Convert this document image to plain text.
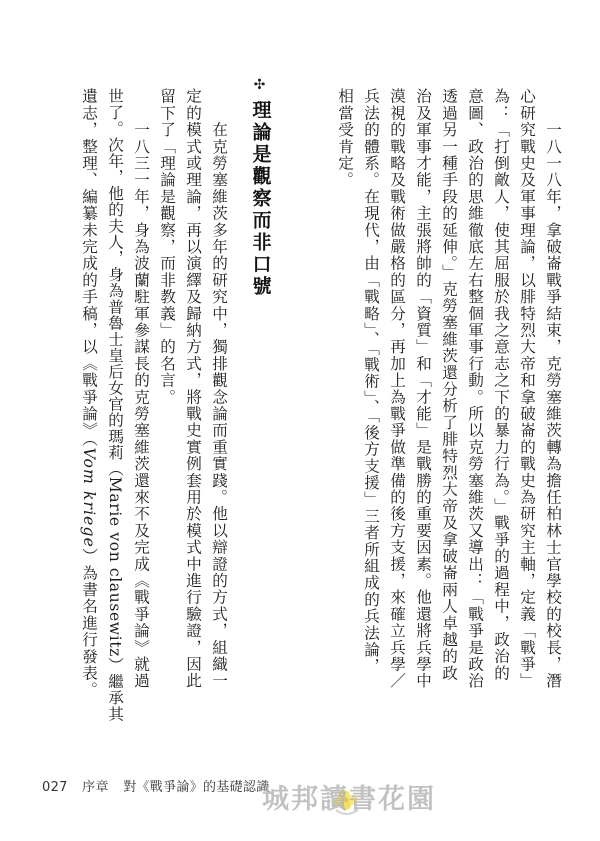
　　一八一八年，拿破崙戰爭結束，克勞塞維茨轉為擔任柏林士官學校的校長，潛
心研究戰史及軍事理論，以腓特烈大帝和拿破崙的戰史為研究主軸，定義「戰爭」
為：「打倒敵人，使其屈服於我之意志之下的暴力行為。」戰爭的過程中，政治的
意圖、政治的思維徹底左右整個軍事行動。所以克勞塞維茨又導出：「戰爭是政治
透過另一種手段的延伸。」克勞塞維茨還分析了腓特烈大帝及拿破崙兩人卓越的政
治及軍事才能，主張將帥的「資質」和「才能」是戰勝的重要因素。他還將兵學中
漠視的戰略及戰術做嚴格的區分，再加上為戰爭做準備的後方支援，來確立兵學／
兵法的體系。在現代，由「戰略」、「戰術」、「後方支援」三者所組成的兵法論，
相當受肯定。
✣
理論是觀察而非口號
　　在克勞塞維茨多年的研究中，獨排觀念論而重實踐。他以辯證的方式，組織一
定的模式或理論，再以演繹及歸納方式，將戰史實例套用於模式中進行驗證，因此
留下了「理論是觀察，而非教義」的名言。
　　一八三一年，身為波蘭駐軍參謀長的克勞塞維茨還來不及完成《戰爭論》就過
世了。次年，他的夫人，身為普魯士皇后女官的瑪莉（Marie von clausewitz）繼承其
遺志，整理、編纂未完成的手稿，以《戰爭論》（Vom kriege）為書名進行發表。
027 序章 對《戰爭論》的基礎認識
城邦讀書花園
